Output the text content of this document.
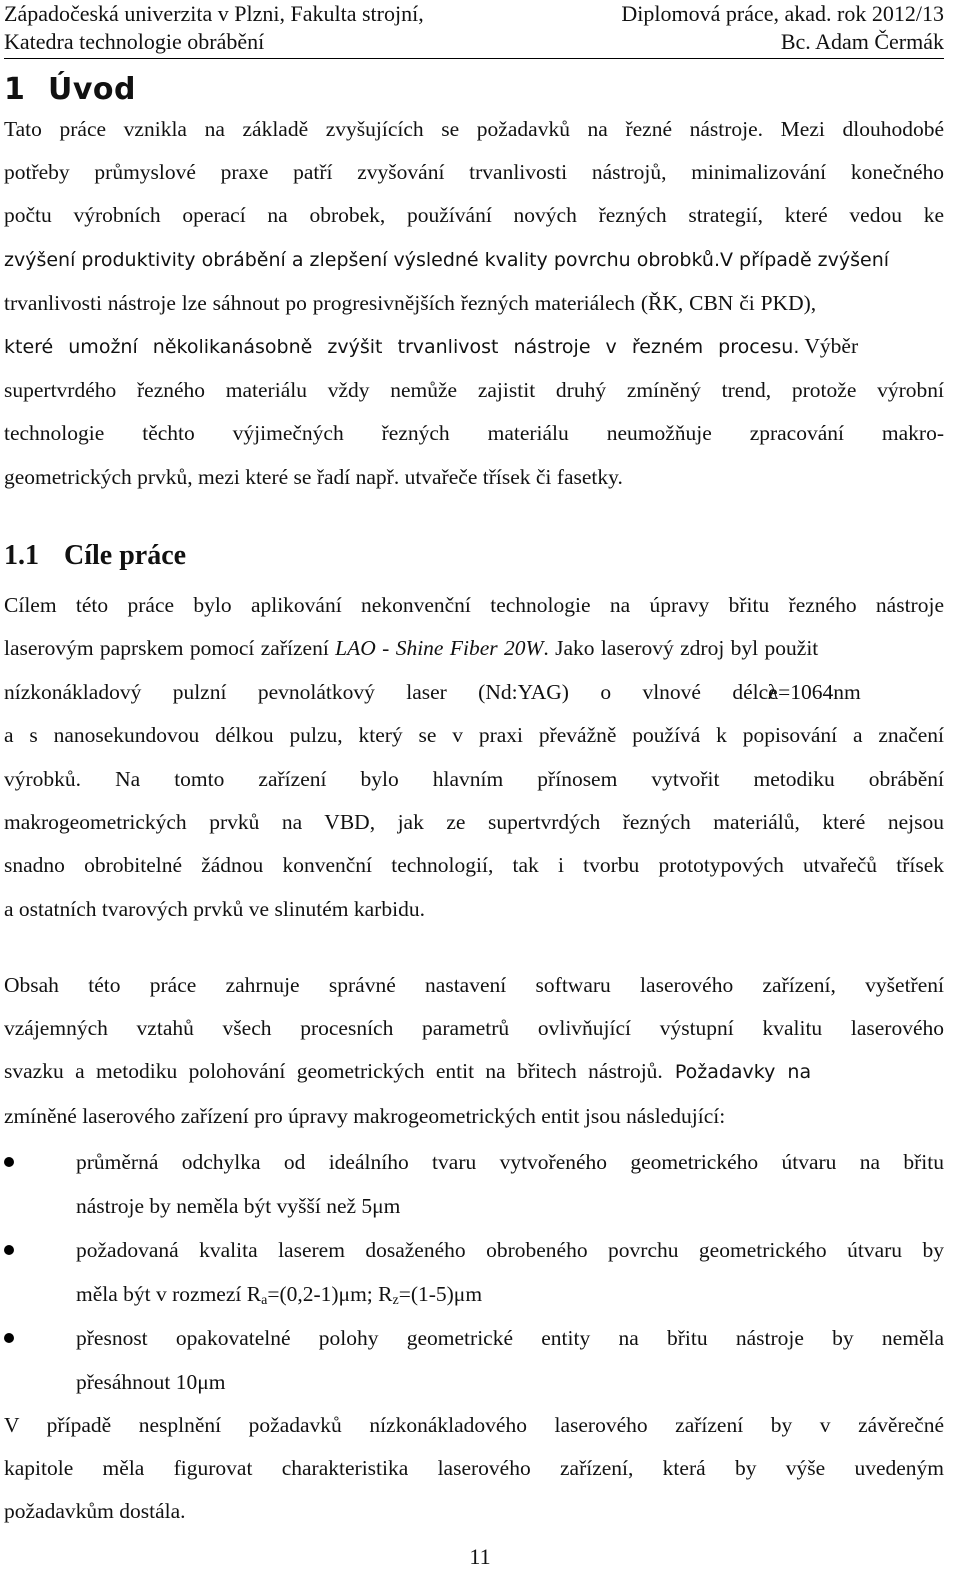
Západočeská univerzita v Plzni, Fakulta strojní,	Diplomová práce, akad. rok 2012/13
Katedra technologie obrábění	Bc. Adam Čermák
1 Úvod
Tato práce vznikla na základě zvyšujících se požadavků na řezné nástroje. Mezi dlouhodobé
potřeby průmyslové praxe patří zvyšování trvanlivosti nástrojů, minimalizování konečného
počtu výrobních operací na obrobek, používání nových řezných strategií, které vedou ke
zvýšení produktivity obrábění a zlepšení výsledné kvality povrchu obrobků.V případě zvýšení
trvanlivosti nástroje lze sáhnout po progresivnějších řezných materiálech (ŘK, CBN či PKD),
které umožní několikanásobně zvýšit trvanlivost nástroje v řezném procesu. Výběr
supertvrdého řezného materiálu vždy nemůže zajistit druhý zmíněný trend, protože výrobní
technologie těchto výjimečných řezných materiálu neumožňuje zpracování makro-
geometrických prvků, mezi které se řadí např. utvařeče třísek či fasetky.
1.1 Cíle práce
Cílem této práce bylo aplikování nekonvenční technologie na úpravy břitu řezného nástroje
laserovým paprskem pomocí zařízení LAO - Shine Fiber 20W. Jako laserový zdroj byl použit
nízkonákladový pulzní pevnolátkový laser (Nd:YAG) o vlnové délceλ=1064nm
a s nanosekundovou délkou pulzu, který se v praxi převážně používá k popisování a značení
výrobků. Na tomto zařízení bylo hlavním přínosem vytvořit metodiku obrábění
makrogeometrických prvků na VBD, jak ze supertvrdých řezných materiálů, které nejsou
snadno obrobitelné žádnou konvenční technologií, tak i tvorbu prototypových utvařečů třísek
a ostatních tvarových prvků ve slinutém karbidu.
Obsah této práce zahrnuje správné nastavení softwaru laserového zařízení, vyšetření
vzájemných vztahů všech procesních parametrů ovlivňující výstupní kvalitu laserového
svazku a metodiku polohování geometrických entit na břitech nástrojů. Požadavky na
zmíněné laserového zařízení pro úpravy makrogeometrických entit jsou následující:
průměrná odchylka od ideálního tvaru vytvořeného geometrického útvaru na břitu
nástroje by neměla být vyšší než 5μm
požadovaná kvalita laserem dosaženého obrobeného povrchu geometrického útvaru by
měla být v rozmezí $R_a=(0,2-1)\mu m$; $R_z=(1-5)\mu m$
přesnost opakovatelné polohy geometrické entity na břitu nástroje by neměla
přesáhnout 10μm
V případě nesplnění požadavků nízkonákladového laserového zařízení by v závěrečné
kapitole měla figurovat charakteristika laserového zařízení, která by výše uvedeným
požadavkům dostála.
11
